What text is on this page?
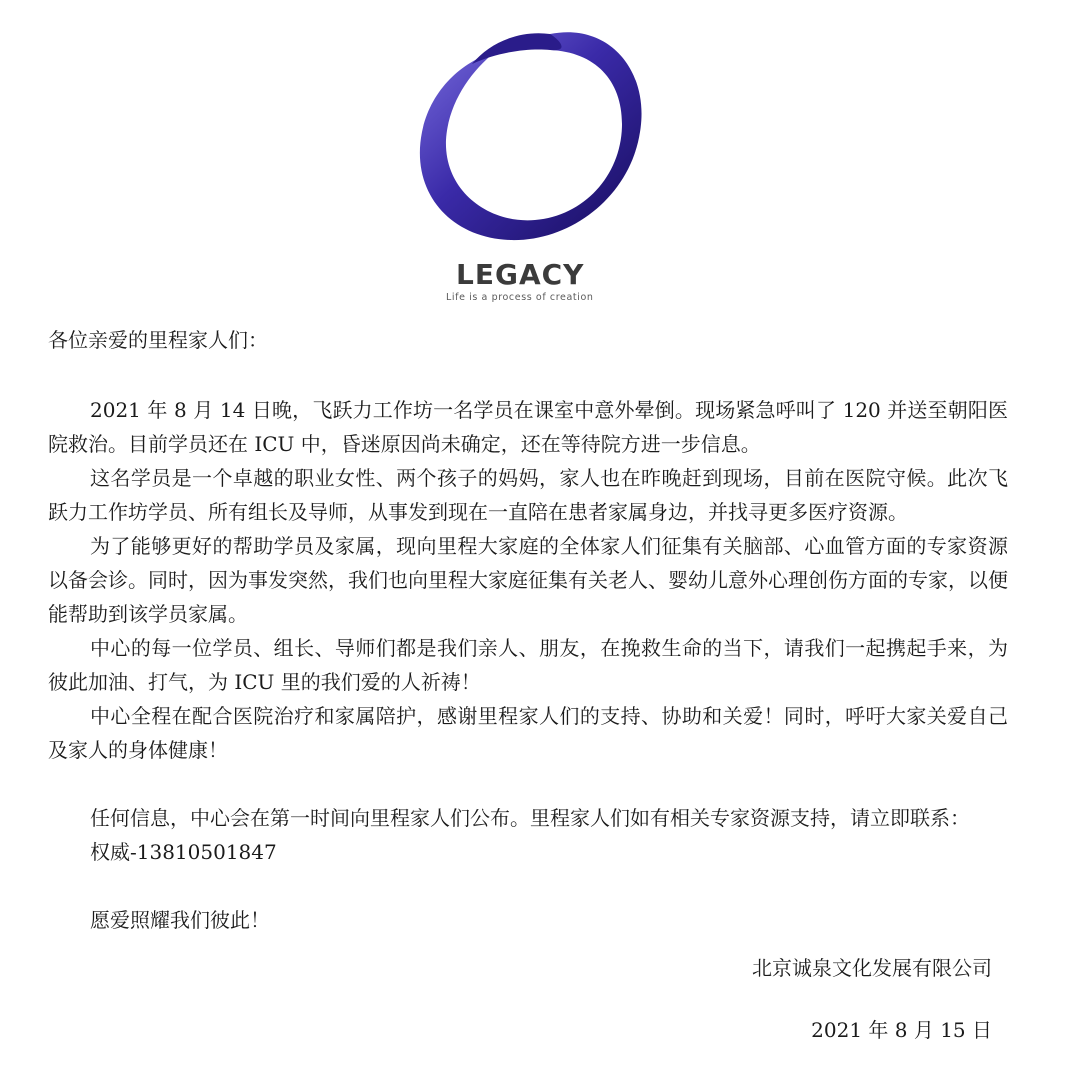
LEGACY
Life is a process of creation

各位亲爱的里程家人们：

2021 年 8 月 14 日晚，飞跃力工作坊一名学员在课室中意外晕倒。现场紧急呼叫了 120 并送至朝阳医院救治。目前学员还在 ICU 中，昏迷原因尚未确定，还在等待院方进一步信息。

这名学员是一个卓越的职业女性、两个孩子的妈妈，家人也在昨晚赶到现场，目前在医院守候。此次飞跃力工作坊学员、所有组长及导师，从事发到现在一直陪在患者家属身边，并找寻更多医疗资源。

为了能够更好的帮助学员及家属，现向里程大家庭的全体家人们征集有关脑部、心血管方面的专家资源以备会诊。同时，因为事发突然，我们也向里程大家庭征集有关老人、婴幼儿意外心理创伤方面的专家，以便能帮助到该学员家属。

中心的每一位学员、组长、导师们都是我们亲人、朋友，在挽救生命的当下，请我们一起携起手来，为彼此加油、打气，为 ICU 里的我们爱的人祈祷！

中心全程在配合医院治疗和家属陪护，感谢里程家人们的支持、协助和关爱！同时，呼吁大家关爱自己及家人的身体健康！

任何信息，中心会在第一时间向里程家人们公布。里程家人们如有相关专家资源支持，请立即联系：

权威-13810501847

愿爱照耀我们彼此！

北京诚泉文化发展有限公司
2021 年 8 月 15 日
